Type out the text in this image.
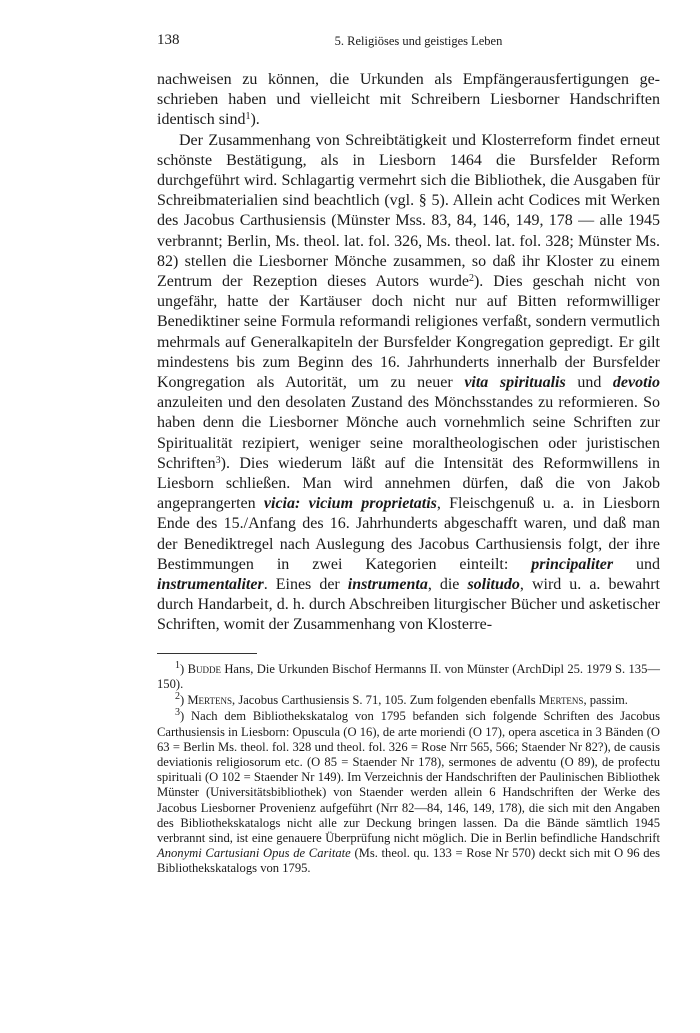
138	5. Religiöses und geistiges Leben

nachweisen zu können, die Urkunden als Empfängerausfertigungen geschrieben haben und vielleicht mit Schreibern Liesborner Handschriften identisch sind$^1$).

Der Zusammenhang von Schreibtätigkeit und Klosterreform findet erneut schönste Bestätigung, als in Liesborn 1464 die Bursfelder Reform durchgeführt wird. Schlagartig vermehrt sich die Bibliothek, die Ausgaben für Schreibmaterialien sind beachtlich (vgl. § 5). Allein acht Codices mit Werken des Jacobus Carthusiensis (Münster Mss. 83, 84, 146, 149, 178 — alle 1945 verbrannt; Berlin, Ms. theol. lat. fol. 326, Ms. theol. lat. fol. 328; Münster Ms. 82) stellen die Liesborner Mönche zusammen, so daß ihr Kloster zu einem Zentrum der Rezeption dieses Autors wurde$^2$). Dies geschah nicht von ungefähr, hatte der Kartäuser doch nicht nur auf Bitten reformwilliger Benediktiner seine Formula reformandi religiones verfaßt, sondern vermutlich mehrmals auf Generalkapiteln der Bursfelder Kongregation gepredigt. Er gilt mindestens bis zum Beginn des 16. Jahrhunderts innerhalb der Bursfelder Kongregation als Autorität, um zu neuer vita spiritualis und devotio anzuleiten und den desolaten Zustand des Mönchsstandes zu reformieren. So haben denn die Liesborner Mönche auch vornehmlich seine Schriften zur Spiritualität rezipiert, weniger seine moraltheologischen oder juristischen Schriften$^3$). Dies wiederum läßt auf die Intensität des Reformwillens in Liesborn schließen. Man wird annehmen dürfen, daß die von Jakob angeprangerten vicia: vicium proprietatis, Fleischgenuß u. a. in Liesborn Ende des 15./Anfang des 16. Jahrhunderts abgeschafft waren, und daß man der Benediktregel nach Auslegung des Jacobus Carthusiensis folgt, der ihre Bestimmungen in zwei Kategorien einteilt: principaliter und instrumentaliter. Eines der instrumenta, die solitudo, wird u. a. bewahrt durch Handarbeit, d. h. durch Abschreiben liturgischer Bücher und asketischer Schriften, womit der Zusammenhang von Klosterre-

$^1$) Budde Hans, Die Urkunden Bischof Hermanns II. von Münster (ArchDipl 25. 1979 S. 135—150).

$^2$) Mertens, Jacobus Carthusiensis S. 71, 105. Zum folgenden ebenfalls Mertens, passim.

$^3$) Nach dem Bibliothekskatalog von 1795 befanden sich folgende Schriften des Jacobus Carthusiensis in Liesborn: Opuscula (O 16), de arte moriendi (O 17), opera ascetica in 3 Bänden (O 63 = Berlin Ms. theol. fol. 328 und theol. fol. 326 = Rose Nrr 565, 566; Staender Nr 82?), de causis deviationis religiosorum etc. (O 85 = Staender Nr 178), sermones de adventu (O 89), de profectu spirituali (O 102 = Staender Nr 149). Im Verzeichnis der Handschriften der Paulinischen Bibliothek Münster (Universitätsbibliothek) von Staender werden allein 6 Handschriften der Werke des Jacobus Liesborner Provenienz aufgeführt (Nrr 82—84, 146, 149, 178), die sich mit den Angaben des Bibliothekskatalogs nicht alle zur Deckung bringen lassen. Da die Bände sämtlich 1945 verbrannt sind, ist eine genauere Überprüfung nicht möglich. Die in Berlin befindliche Handschrift Anonymi Cartusiani Opus de Caritate (Ms. theol. qu. 133 = Rose Nr 570) deckt sich mit O 96 des Bibliothekskatalogs von 1795.
